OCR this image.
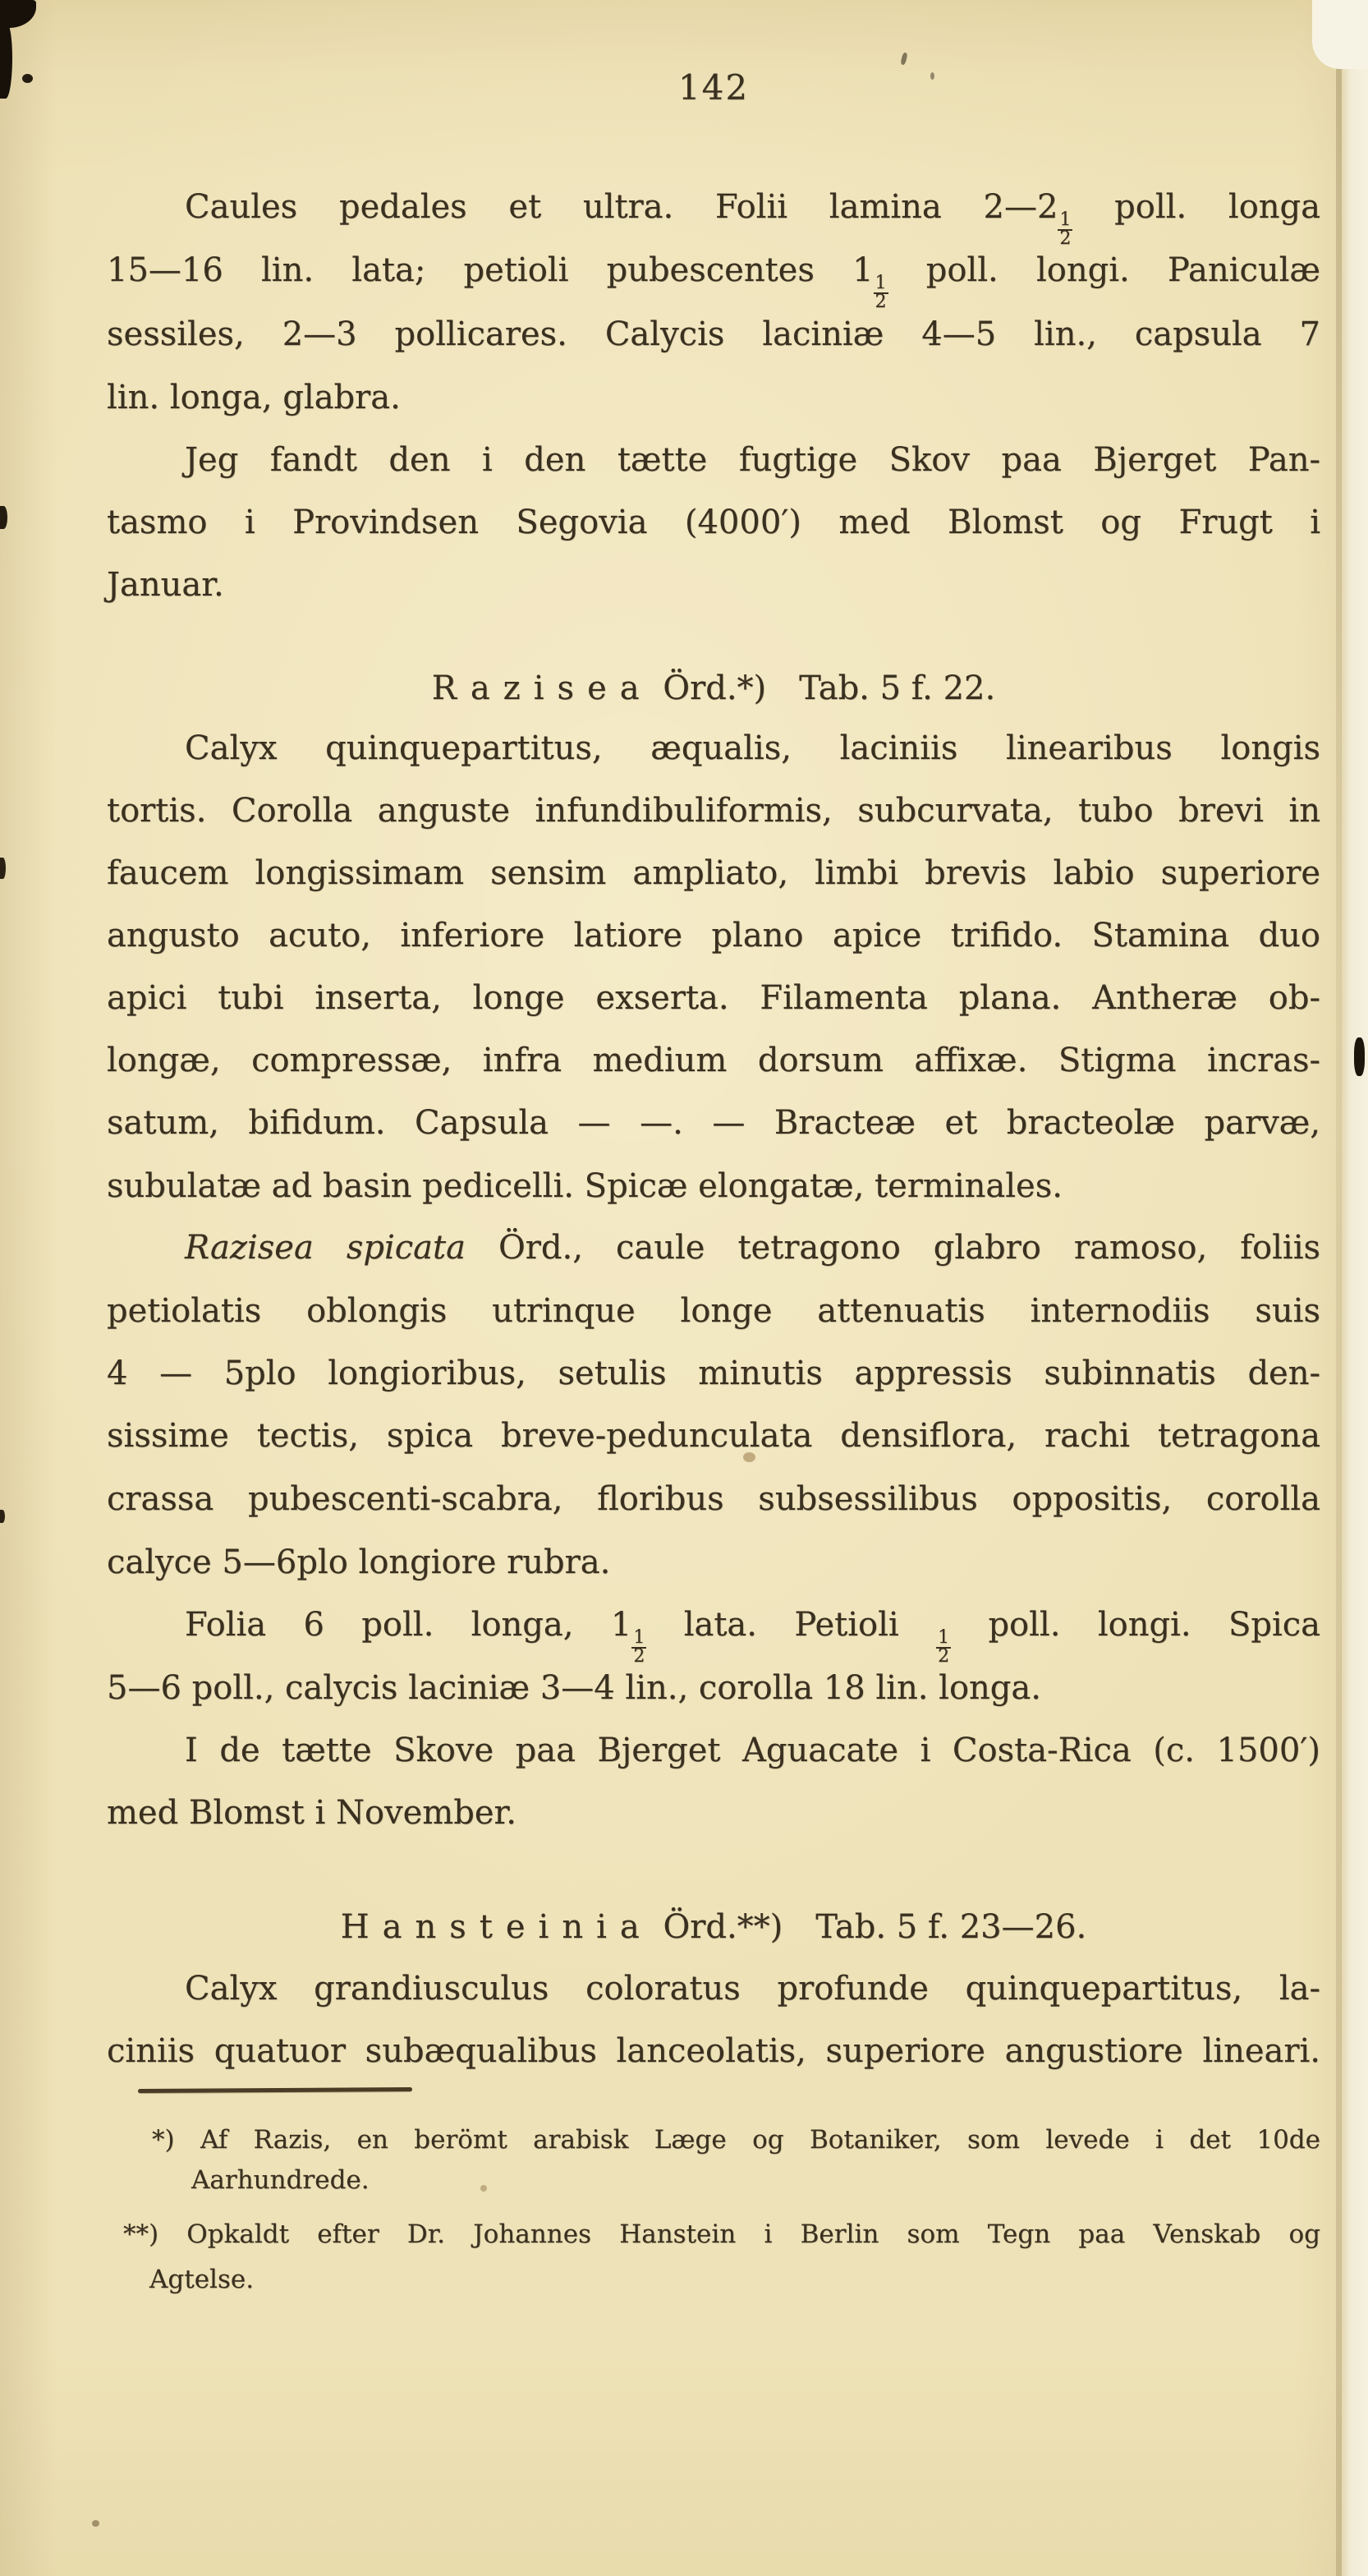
142
Caules pedales et ultra. Folii lamina 2—2
$\frac{1}{2}$
poll. longa
15—16 lin. lata; petioli pubescentes 1
$\frac{1}{2}$
poll. longi. Paniculæ
sessiles, 2—3 pollicares. Calycis laciniæ 4—5 lin., capsula 7
lin. longa, glabra.
Jeg fandt den i den tætte fugtige Skov paa Bjerget Pan-
tasmo i Provindsen Segovia (4000′) med Blomst og Frugt i
Januar.
Razisea Örd.*) Tab. 5 f. 22.
Calyx quinquepartitus, æqualis, laciniis linearibus longis
tortis. Corolla anguste infundibuliformis, subcurvata, tubo brevi in
faucem longissimam sensim ampliato, limbi brevis labio superiore
angusto acuto, inferiore latiore plano apice trifido. Stamina duo
apici tubi inserta, longe exserta. Filamenta plana. Antheræ ob-
longæ, compressæ, infra medium dorsum affixæ. Stigma incras-
satum, bifidum. Capsula — —. — Bracteæ et bracteolæ parvæ,
subulatæ ad basin pedicelli. Spicæ elongatæ, terminales.
Razisea spicata Örd., caule tetragono glabro ramoso, foliis
petiolatis oblongis utrinque longe attenuatis internodiis suis
4 — 5plo longioribus, setulis minutis appressis subinnatis den-
sissime tectis, spica breve-pedunculata densiflora, rachi tetragona
crassa pubescenti-scabra, floribus subsessilibus oppositis, corolla
calyce 5—6plo longiore rubra.
Folia 6 poll. longa, 1
$\frac{1}{2}$
lata. Petioli
$\frac{1}{2}$
poll. longi. Spica
5—6 poll., calycis laciniæ 3—4 lin., corolla 18 lin. longa.
I de tætte Skove paa Bjerget Aguacate i Costa-Rica (c. 1500′)
med Blomst i November.
Hansteinia Örd.**) Tab. 5 f. 23—26.
Calyx grandiusculus coloratus profunde quinquepartitus, la-
ciniis quatuor subæqualibus lanceolatis, superiore angustiore lineari.
*) Af Razis, en berömt arabisk Læge og Botaniker, som levede i det 10de
Aarhundrede.
**) Opkaldt efter Dr. Johannes Hanstein i Berlin som Tegn paa Venskab og
Agtelse.
